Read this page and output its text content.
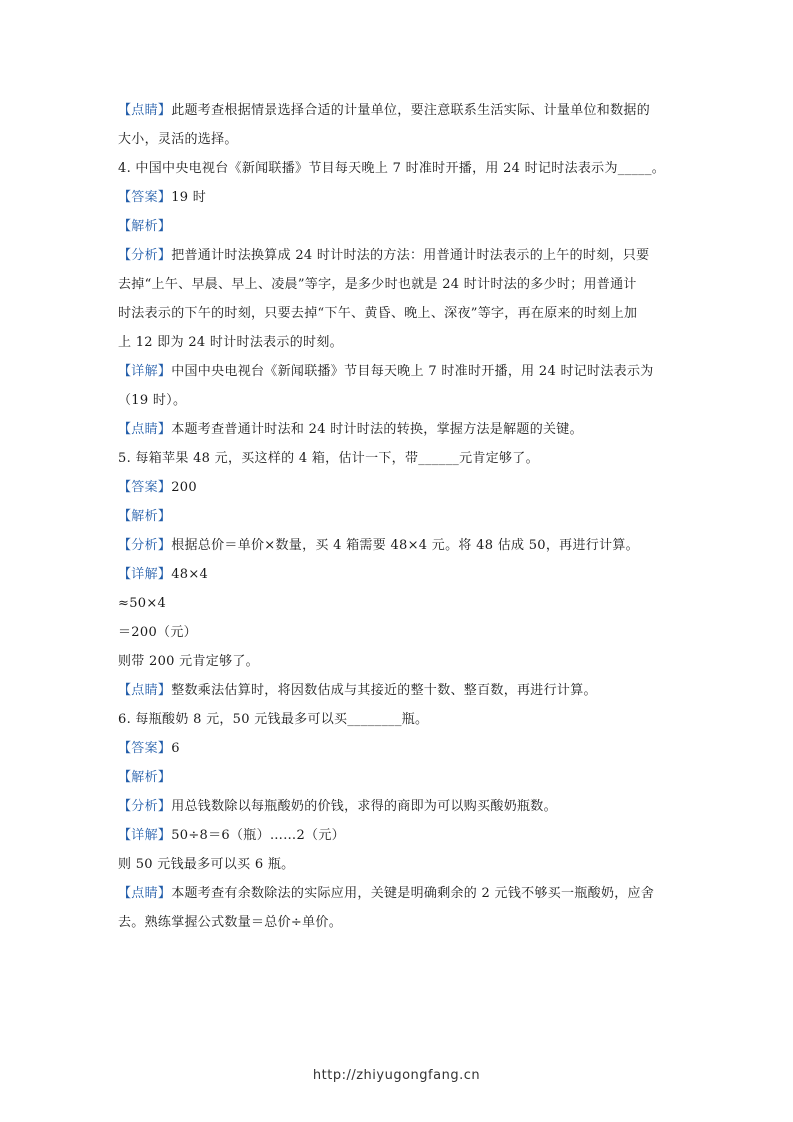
【点睛】此题考查根据情景选择合适的计量单位，要注意联系生活实际、计量单位和数据的
大小，灵活的选择。
4. 中国中央电视台《新闻联播》节目每天晚上 7 时准时开播，用 24 时记时法表示为_____。
【答案】19 时
【解析】
【分析】把普通计时法换算成 24 时计时法的方法：用普通计时法表示的上午的时刻，只要
去掉“上午、早晨、早上、凌晨”等字，是多少时也就是 24 时计时法的多少时；用普通计
时法表示的下午的时刻，只要去掉“下午、黄昏、晚上、深夜”等字，再在原来的时刻上加
上 12 即为 24 时计时法表示的时刻。
【详解】中国中央电视台《新闻联播》节目每天晚上 7 时准时开播，用 24 时记时法表示为
（19 时）。
【点睛】本题考查普通计时法和 24 时计时法的转换，掌握方法是解题的关键。
5. 每箱苹果 48 元，买这样的 4 箱，估计一下，带______元肯定够了。
【答案】200
【解析】
【分析】根据总价＝单价×数量，买 4 箱需要 48×4 元。将 48 估成 50，再进行计算。
【详解】48×4
≈50×4
＝200（元）
则带 200 元肯定够了。
【点睛】整数乘法估算时，将因数估成与其接近的整十数、整百数，再进行计算。
6. 每瓶酸奶 8 元，50 元钱最多可以买________瓶。
【答案】6
【解析】
【分析】用总钱数除以每瓶酸奶的价钱，求得的商即为可以购买酸奶瓶数。
【详解】50÷8＝6（瓶）……2（元）
则 50 元钱最多可以买 6 瓶。
【点睛】本题考查有余数除法的实际应用，关键是明确剩余的 2 元钱不够买一瓶酸奶，应舍
去。熟练掌握公式数量＝总价÷单价。
http://zhiyugongfang.cn
